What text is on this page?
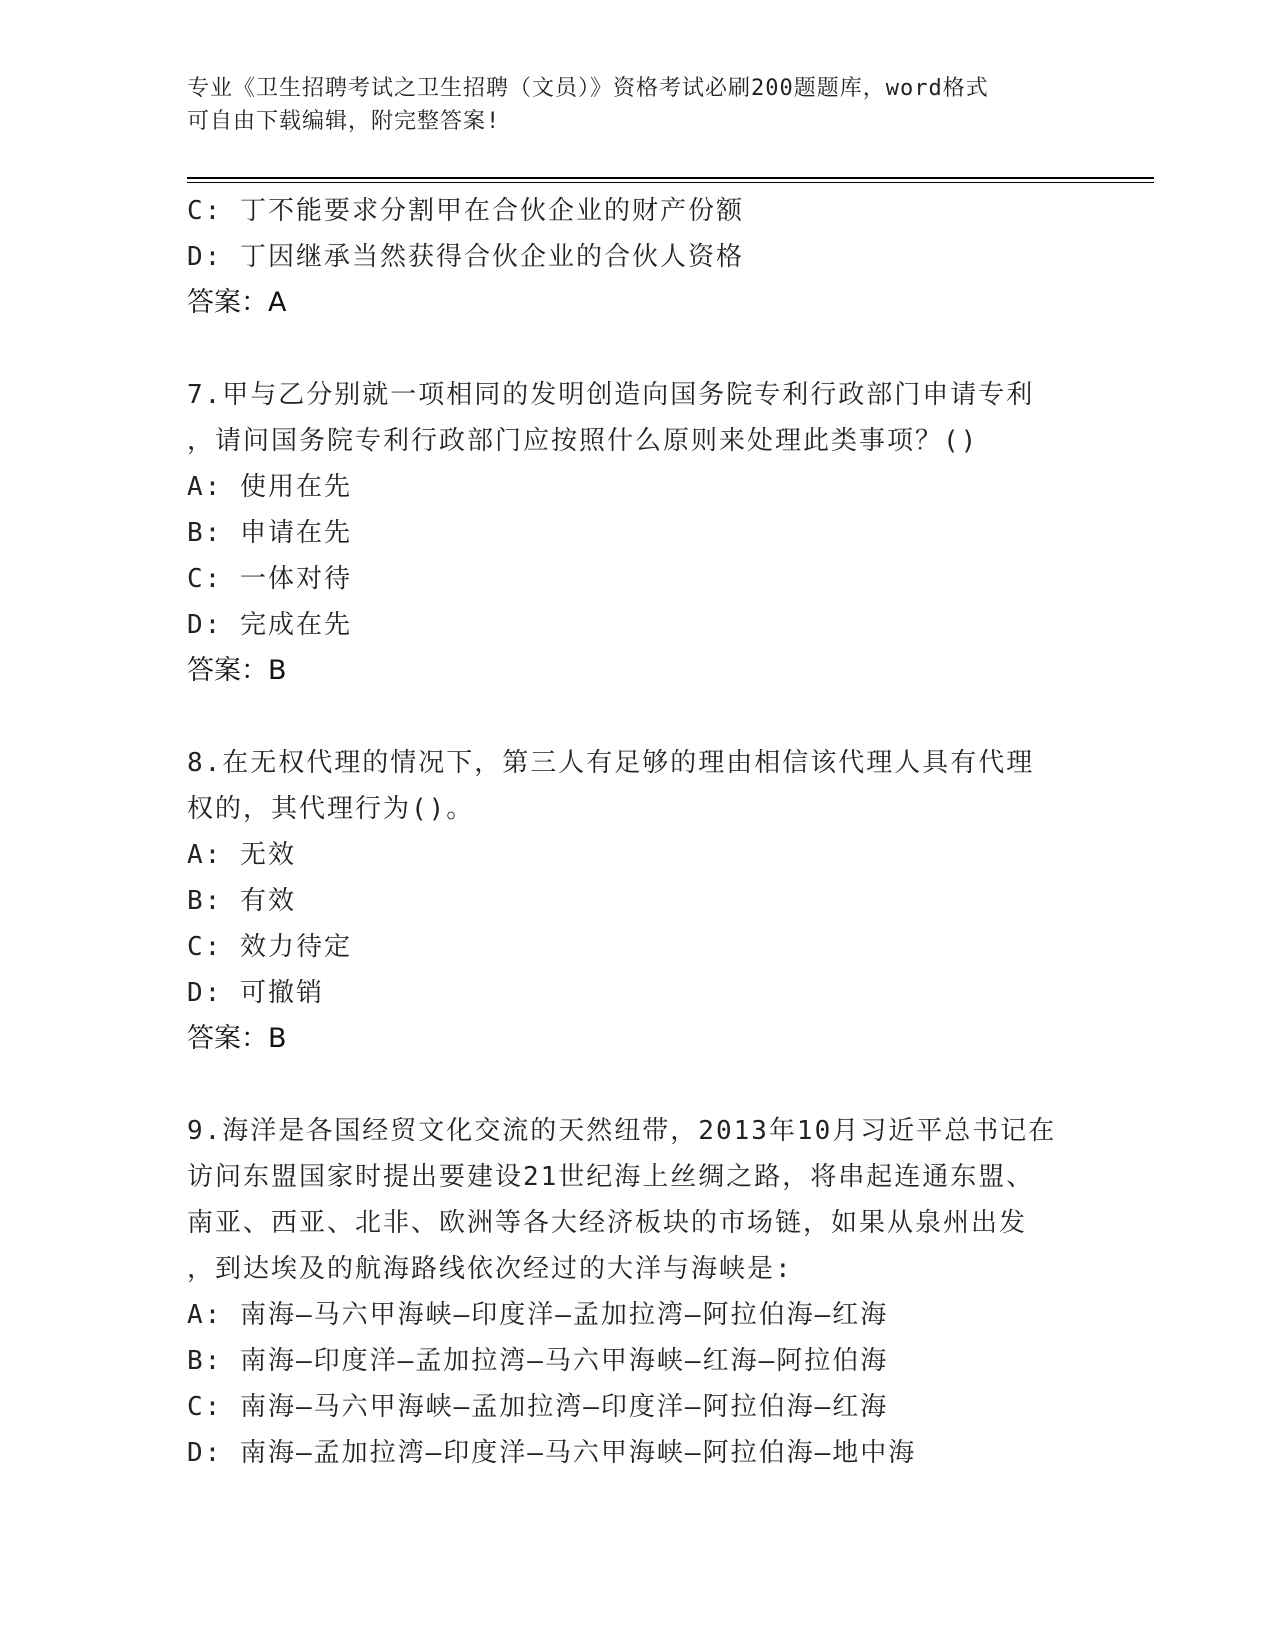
专业《卫生招聘考试之卫生招聘（文员）》资格考试必刷200题题库，word格式
可自由下载编辑，附完整答案!
C: 丁不能要求分割甲在合伙企业的财产份额
D: 丁因继承当然获得合伙企业的合伙人资格
答案：A
7.甲与乙分别就一项相同的发明创造向国务院专利行政部门申请专利
，请问国务院专利行政部门应按照什么原则来处理此类事项？()
A: 使用在先
B: 申请在先
C: 一体对待
D: 完成在先
答案：B
8.在无权代理的情况下，第三人有足够的理由相信该代理人具有代理
权的，其代理行为()。
A: 无效
B: 有效
C: 效力待定
D: 可撤销
答案：B
9.海洋是各国经贸文化交流的天然纽带，2013年10月习近平总书记在
访问东盟国家时提出要建设21世纪海上丝绸之路，将串起连通东盟、
南亚、西亚、北非、欧洲等各大经济板块的市场链，如果从泉州出发
，到达埃及的航海路线依次经过的大洋与海峡是:
A: 南海—马六甲海峡—印度洋—孟加拉湾—阿拉伯海—红海
B: 南海—印度洋—孟加拉湾—马六甲海峡—红海—阿拉伯海
C: 南海—马六甲海峡—孟加拉湾—印度洋—阿拉伯海—红海
D: 南海—孟加拉湾—印度洋—马六甲海峡—阿拉伯海—地中海
